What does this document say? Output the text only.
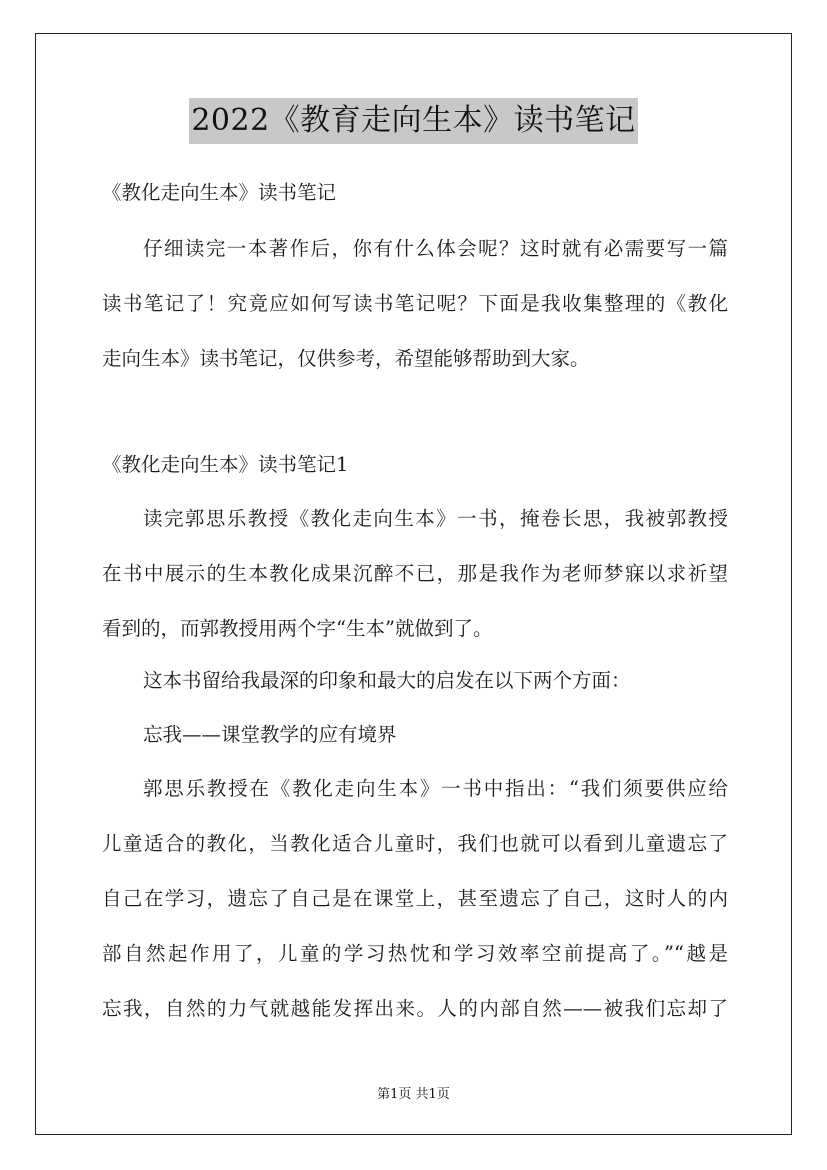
2022《教育走向生本》读书笔记
《教化走向生本》读书笔记
仔细读完一本著作后，你有什么体会呢？这时就有必需要写一篇
读书笔记了！究竟应如何写读书笔记呢？下面是我收集整理的《教化
走向生本》读书笔记，仅供参考，希望能够帮助到大家。
《教化走向生本》读书笔记1
读完郭思乐教授《教化走向生本》一书，掩卷长思，我被郭教授
在书中展示的生本教化成果沉醉不已，那是我作为老师梦寐以求祈望
看到的，而郭教授用两个字“生本”就做到了。
这本书留给我最深的印象和最大的启发在以下两个方面：
忘我——课堂教学的应有境界
郭思乐教授在《教化走向生本》一书中指出：“我们须要供应给
儿童适合的教化，当教化适合儿童时，我们也就可以看到儿童遗忘了
自己在学习，遗忘了自己是在课堂上，甚至遗忘了自己，这时人的内
部自然起作用了，儿童的学习热忱和学习效率空前提高了。”“越是
忘我，自然的力气就越能发挥出来。人的内部自然——被我们忘却了
第1页 共1页
